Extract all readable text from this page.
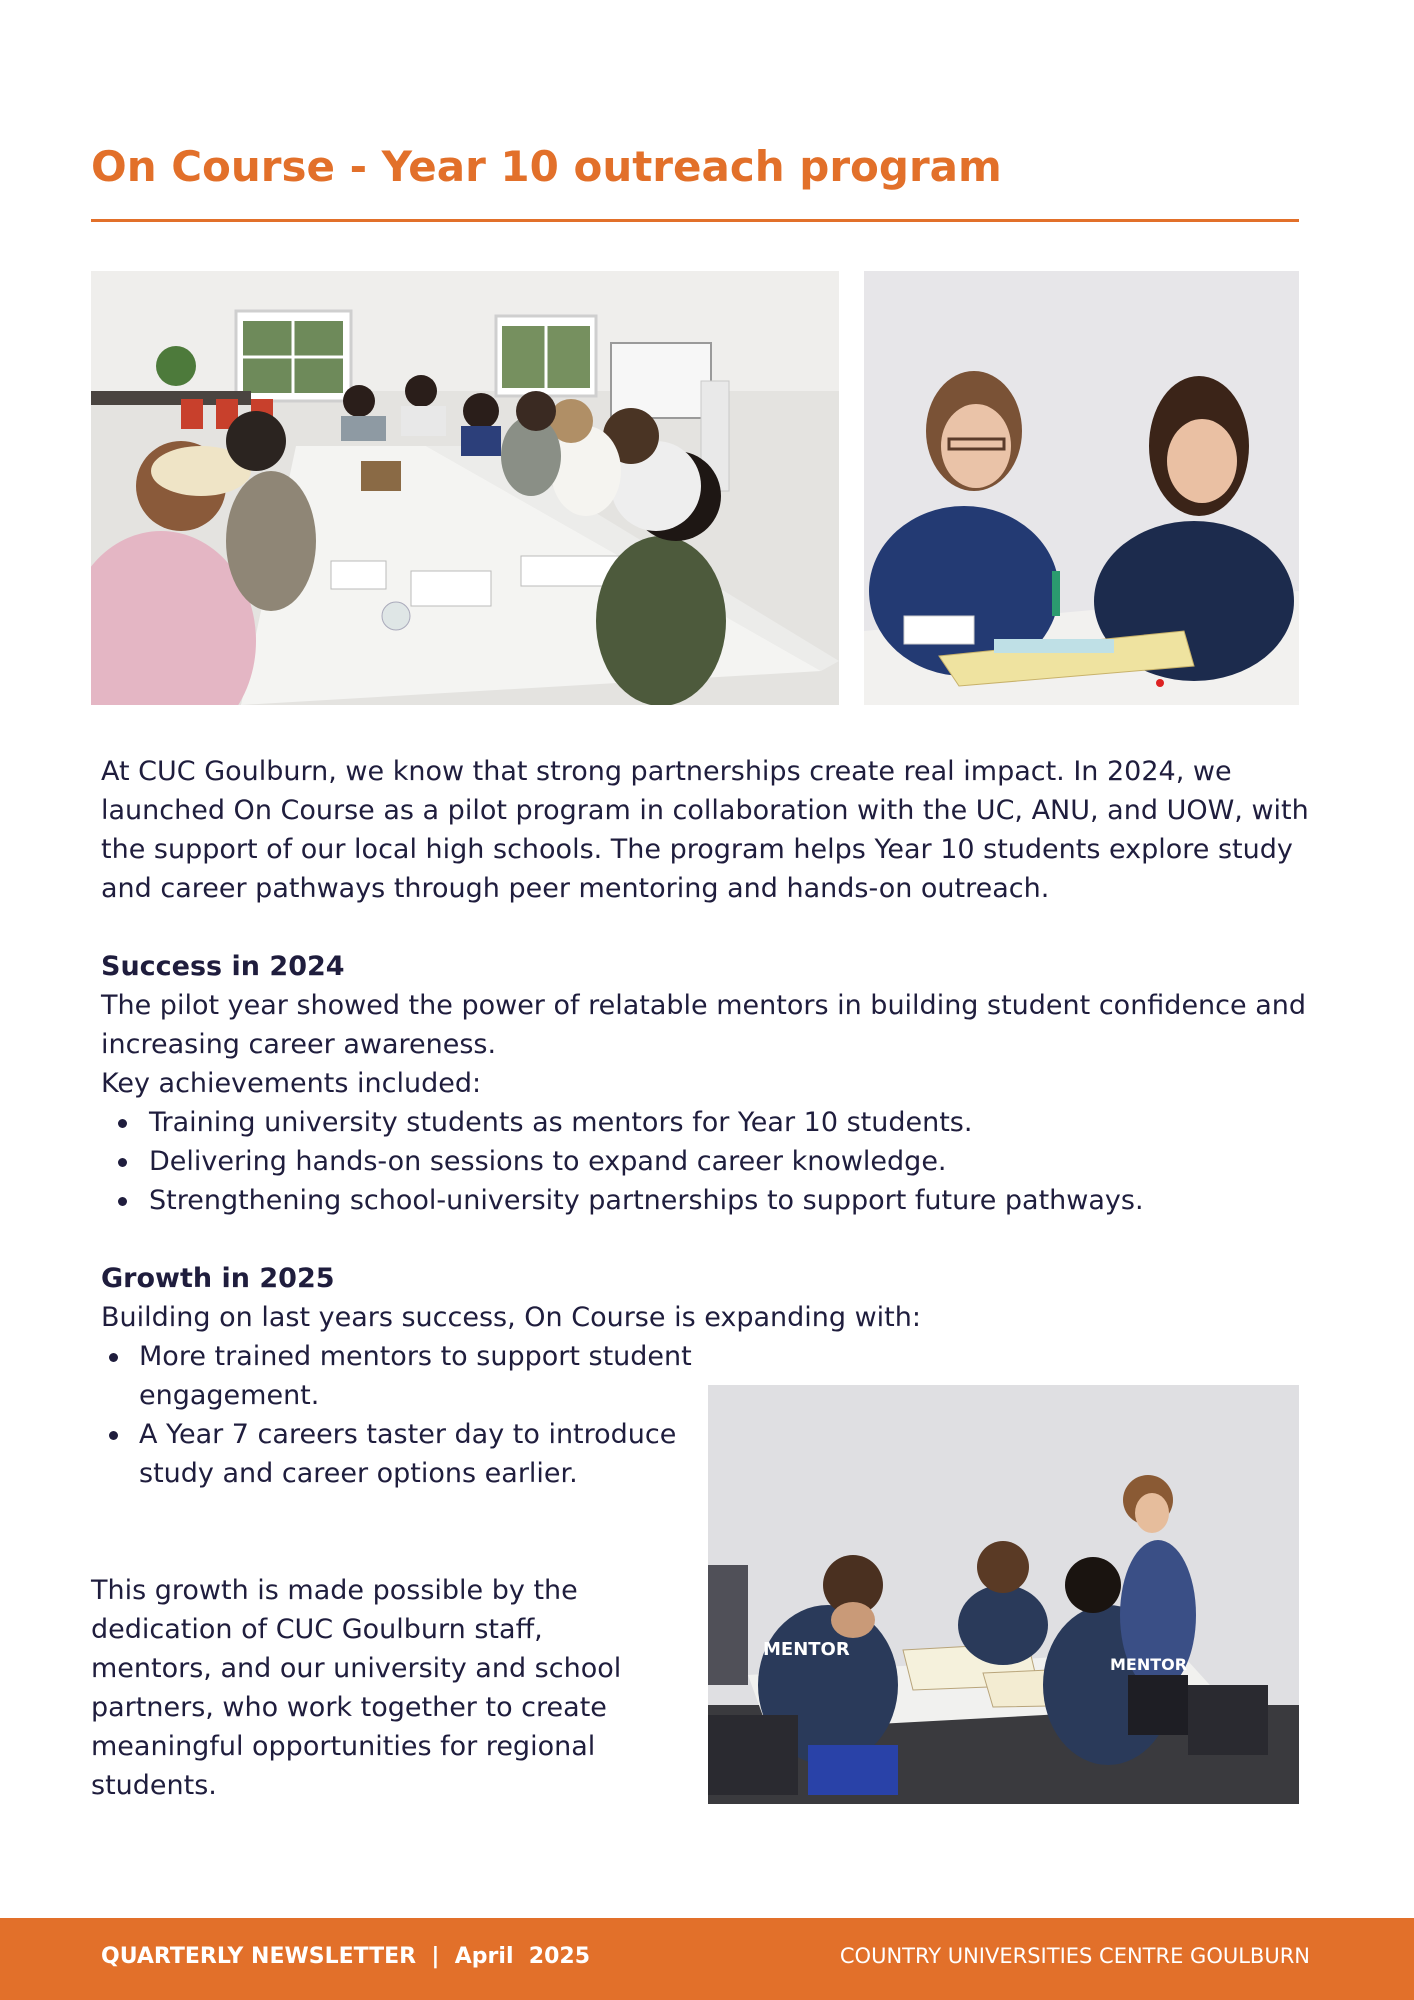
On Course - Year 10 outreach program
MENTOR
MENTOR

At CUC Goulburn, we know that strong partnerships create real impact. In 2024, we launched On Course as a pilot program in collaboration with the UC, ANU, and UOW, with the support of our local high schools. The program helps Year 10 students explore study and career pathways through peer mentoring and hands-on outreach.

Success in 2024

The pilot year showed the power of relatable mentors in building student confidence and increasing career awareness.

Key achievements included:

Training university students as mentors for Year 10 students.
Delivering hands-on sessions to expand career knowledge.
Strengthening school-university partnerships to support future pathways.

Growth in 2025

Building on last years success, On Course is expanding with:

More trained mentors to support student engagement.
A Year 7 careers taster day to introduce study and career options earlier.

This growth is made possible by the dedication of CUC Goulburn staff, mentors, and our university and school partners, who work together to create meaningful opportunities for regional students.

QUARTERLY NEWSLETTER  |  April  2025	COUNTRY UNIVERSITIES CENTRE GOULBURN
